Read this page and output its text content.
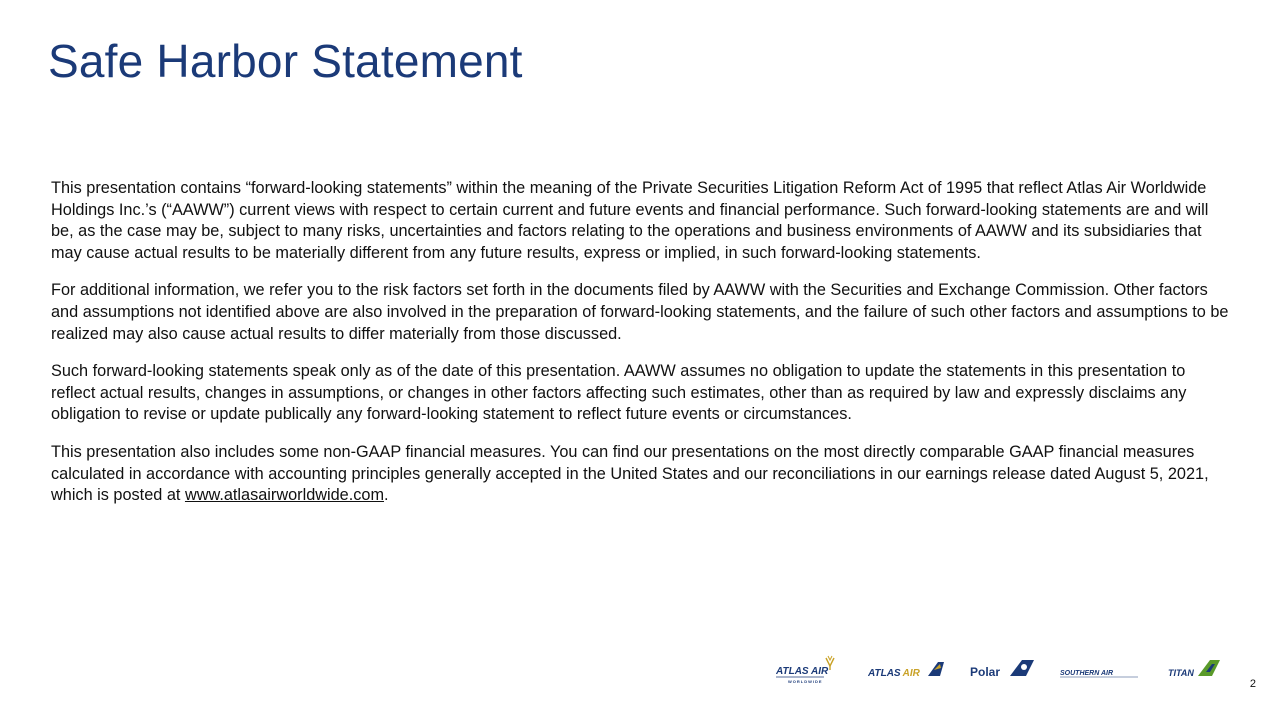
Safe Harbor Statement

This presentation contains “forward-looking statements” within the meaning of the Private Securities Litigation Reform Act of 1995 that reflect Atlas Air Worldwide Holdings Inc.’s (“AAWW”) current views with respect to certain current and future events and financial performance. Such forward-looking statements are and will be, as the case may be, subject to many risks, uncertainties and factors relating to the operations and business environments of AAWW and its subsidiaries that may cause actual results to be materially different from any future results, express or implied, in such forward-looking statements.

For additional information, we refer you to the risk factors set forth in the documents filed by AAWW with the Securities and Exchange Commission. Other factors and assumptions not identified above are also involved in the preparation of forward-looking statements, and the failure of such other factors and assumptions to be realized may also cause actual results to differ materially from those discussed.

Such forward-looking statements speak only as of the date of this presentation. AAWW assumes no obligation to update the statements in this presentation to reflect actual results, changes in assumptions, or changes in other factors affecting such estimates, other than as required by law and expressly disclaims any obligation to revise or update publically any forward-looking statement to reflect future events or circumstances.

This presentation also includes some non-GAAP financial measures. You can find our presentations on the most directly comparable GAAP financial measures calculated in accordance with accounting principles generally accepted in the United States and our reconciliations in our earnings release dated August 5, 2021, which is posted at www.atlasairworldwide.com.

ATLAS AIR
WORLDWIDE
ATLAS AIR	Polar	SOUTHERN AIR	TITAN
2
